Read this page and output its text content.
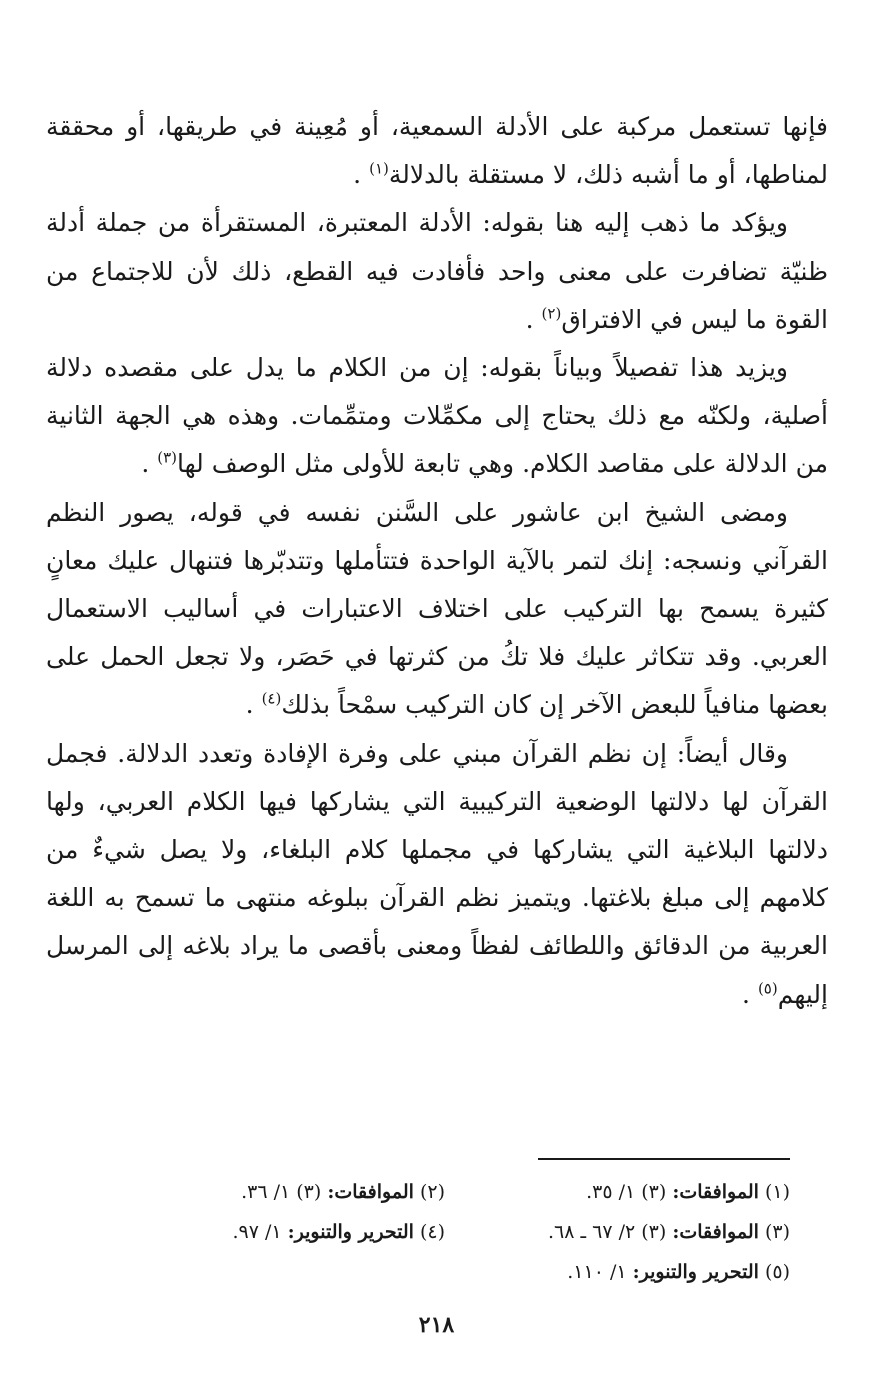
فإنها تستعمل مركبة على الأدلة السمعية، أو مُعِينة في طريقها، أو محققة لمناطها، أو ما أشبه ذلك، لا مستقلة بالدلالة$^{(١)}$ .

ويؤكد ما ذهب إليه هنا بقوله: الأدلة المعتبرة، المستقرأة من جملة أدلة ظنيّة تضافرت على معنى واحد فأفادت فيه القطع، ذلك لأن للاجتماع من القوة ما ليس في الافتراق$^{(٢)}$ .

ويزيد هذا تفصيلاً وبياناً بقوله: إن من الكلام ما يدل على مقصده دلالة أصلية، ولكنّه مع ذلك يحتاج إلى مكمِّلات ومتمِّمات. وهذه هي الجهة الثانية من الدلالة على مقاصد الكلام. وهي تابعة للأولى مثل الوصف لها$^{(٣)}$ .

ومضى الشيخ ابن عاشور على السَّنن نفسه في قوله، يصور النظم القرآني ونسجه: إنك لتمر بالآية الواحدة فتتأملها وتتدبّرها فتنهال عليك معانٍ كثيرة يسمح بها التركيب على اختلاف الاعتبارات في أساليب الاستعمال العربي. وقد تتكاثر عليك فلا تكُ من كثرتها في حَصَر، ولا تجعل الحمل على بعضها منافياً للبعض الآخر إن كان التركيب سمْحاً بذلك$^{(٤)}$ .

وقال أيضاً: إن نظم القرآن مبني على وفرة الإفادة وتعدد الدلالة. فجمل القرآن لها دلالتها الوضعية التركيبية التي يشاركها فيها الكلام العربي، ولها دلالتها البلاغية التي يشاركها في مجملها كلام البلغاء، ولا يصل شيءٌ من كلامهم إلى مبلغ بلاغتها. ويتميز نظم القرآن ببلوغه منتهى ما تسمح به اللغة العربية من الدقائق واللطائف لفظاً ومعنى بأقصى ما يراد بلاغه إلى المرسل إليهم$^{(٥)}$ .

(١) الموافقات: (٣) ١/ ٣٥.
(٢) الموافقات: (٣) ١/ ٣٦.
(٣) الموافقات: (٣) ٢/ ٦٧ ـ ٦٨.
(٤) التحرير والتنوير: ١/ ٩٧.
(٥) التحرير والتنوير: ١/ ١١٠.
٢١٨
